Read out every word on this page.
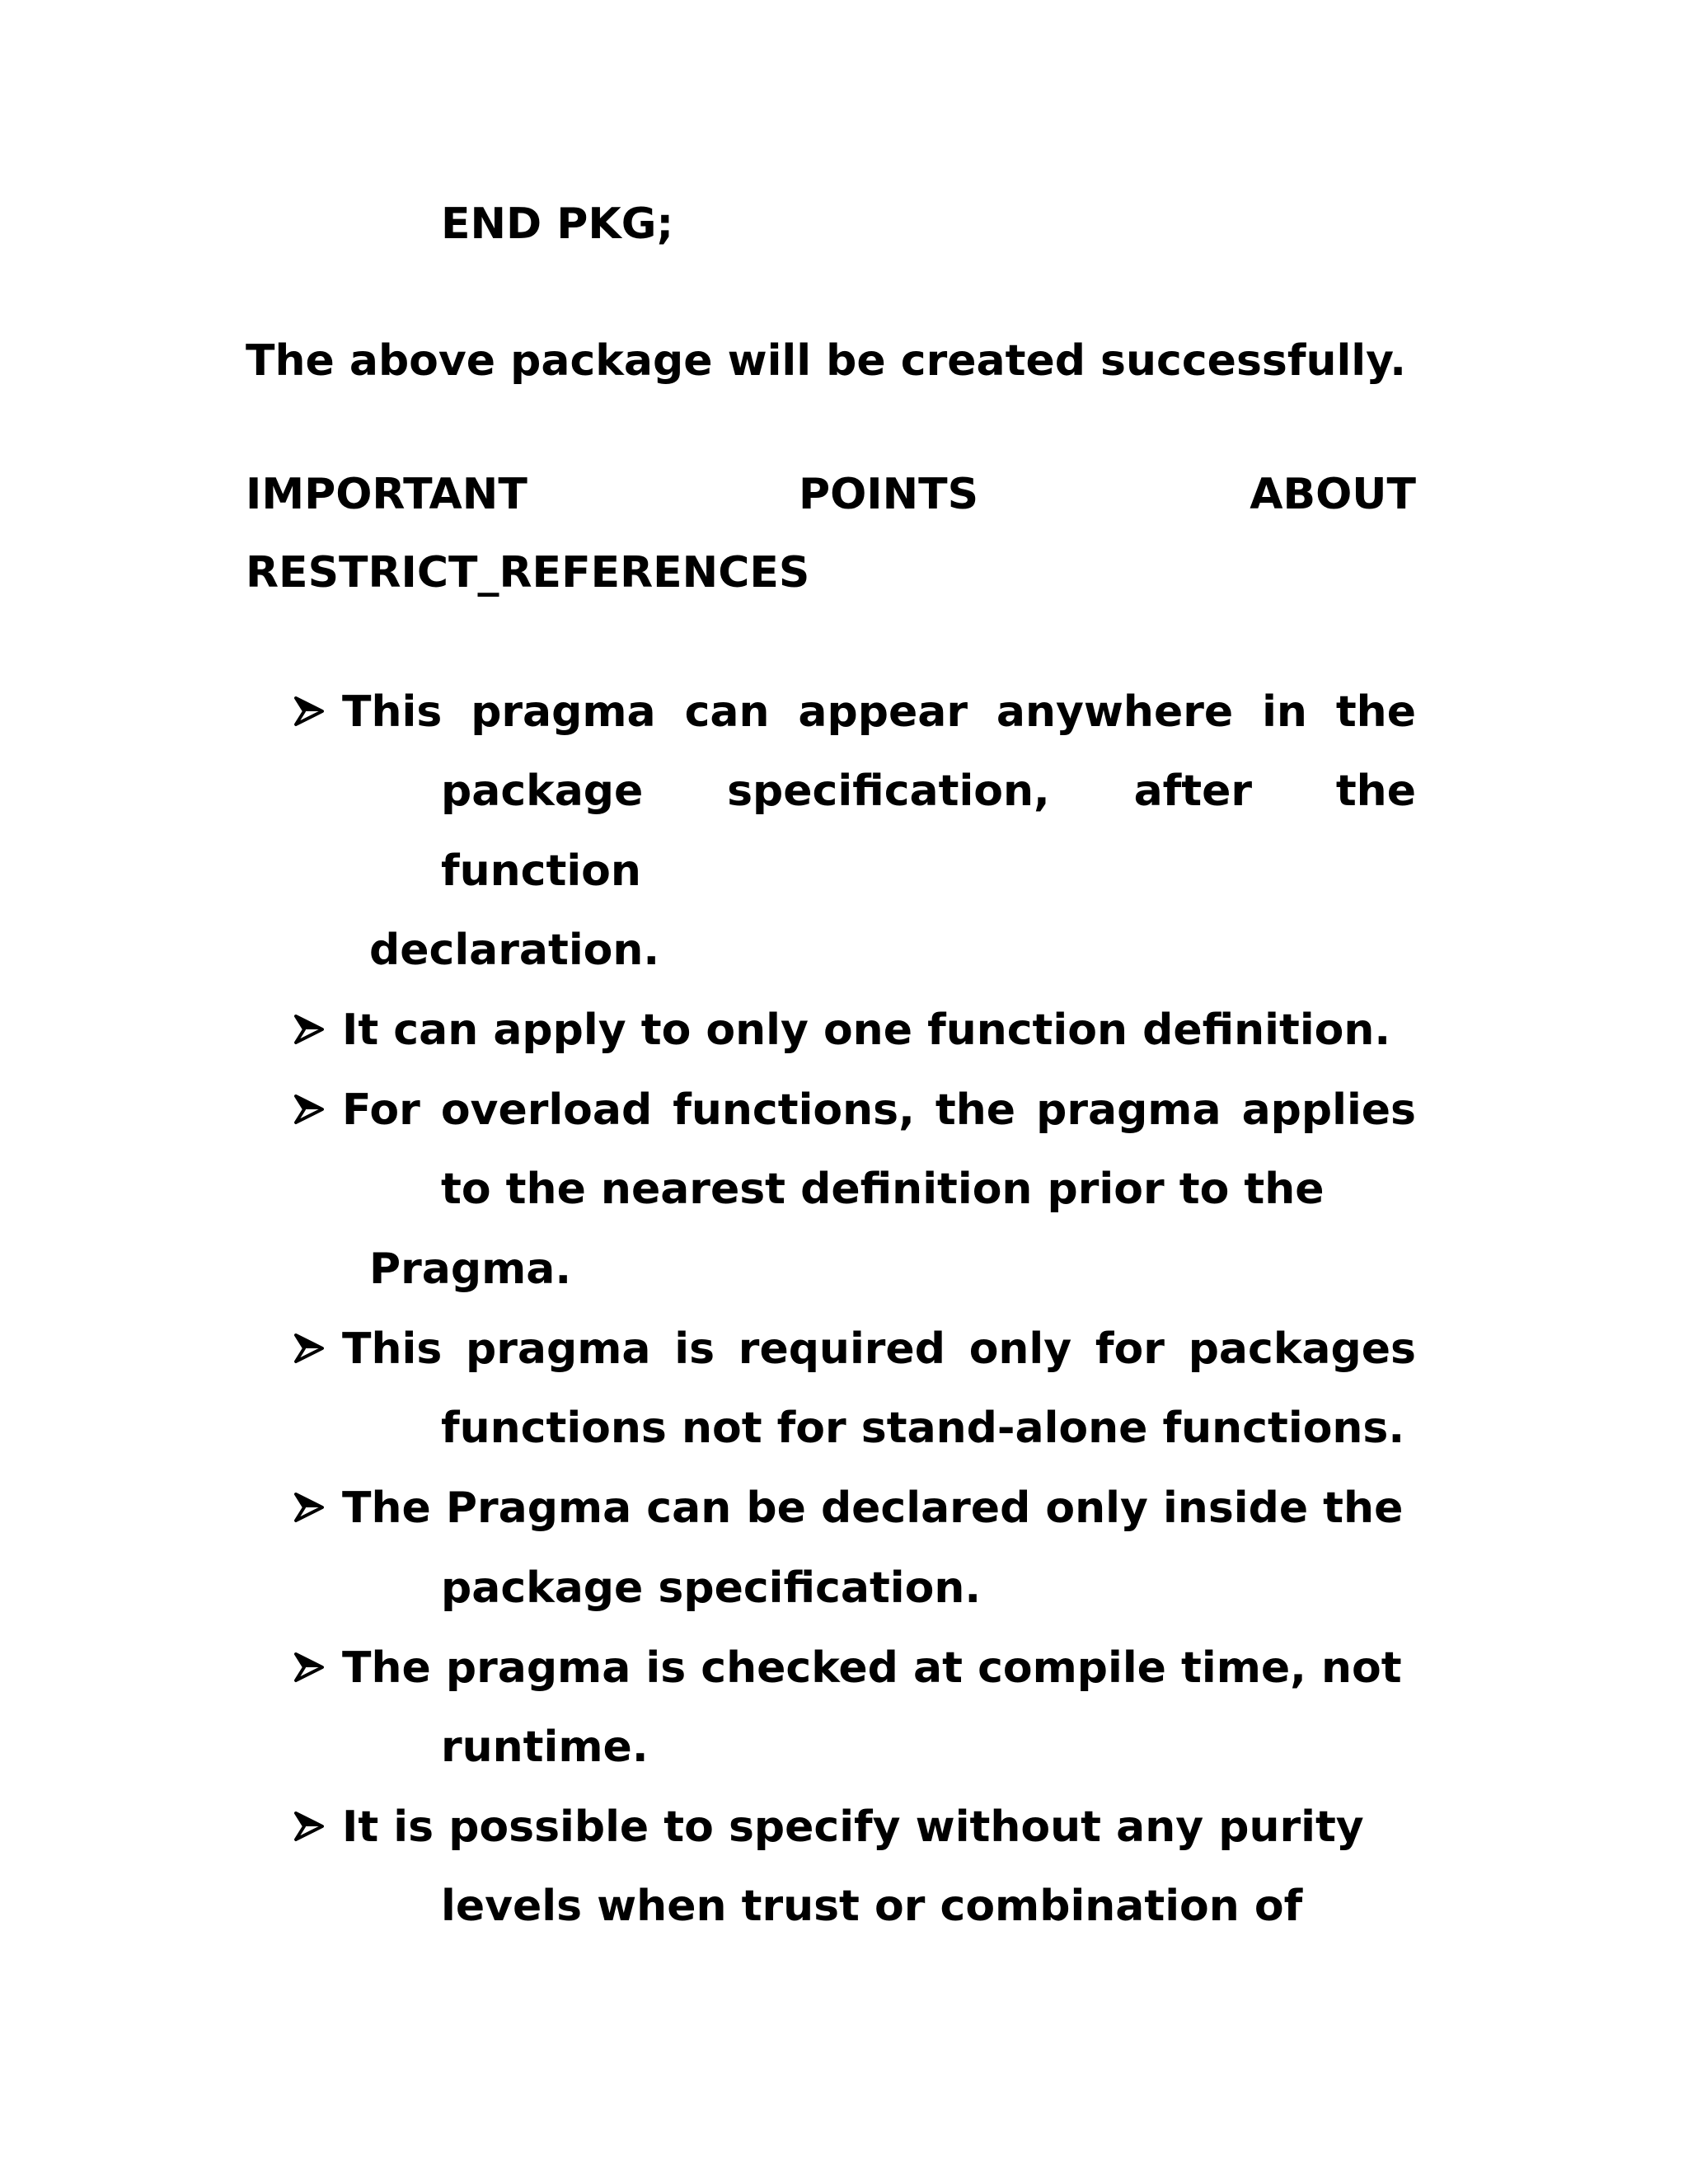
END PKG;
The above package will be created successfully.
IMPORTANT	POINTS	ABOUT
RESTRICT_REFERENCES
This pragma can appear anywhere in the
package specification, after the
function
declaration.
It can apply to only one function definition.
For overload functions, the pragma applies
to the nearest definition prior to the
Pragma.
This pragma is required only for packages
functions not for stand-alone functions.
The Pragma can be declared only inside the
package specification.
The pragma is checked at compile time, not
runtime.
It is possible to specify without any purity
levels when trust or combination of
